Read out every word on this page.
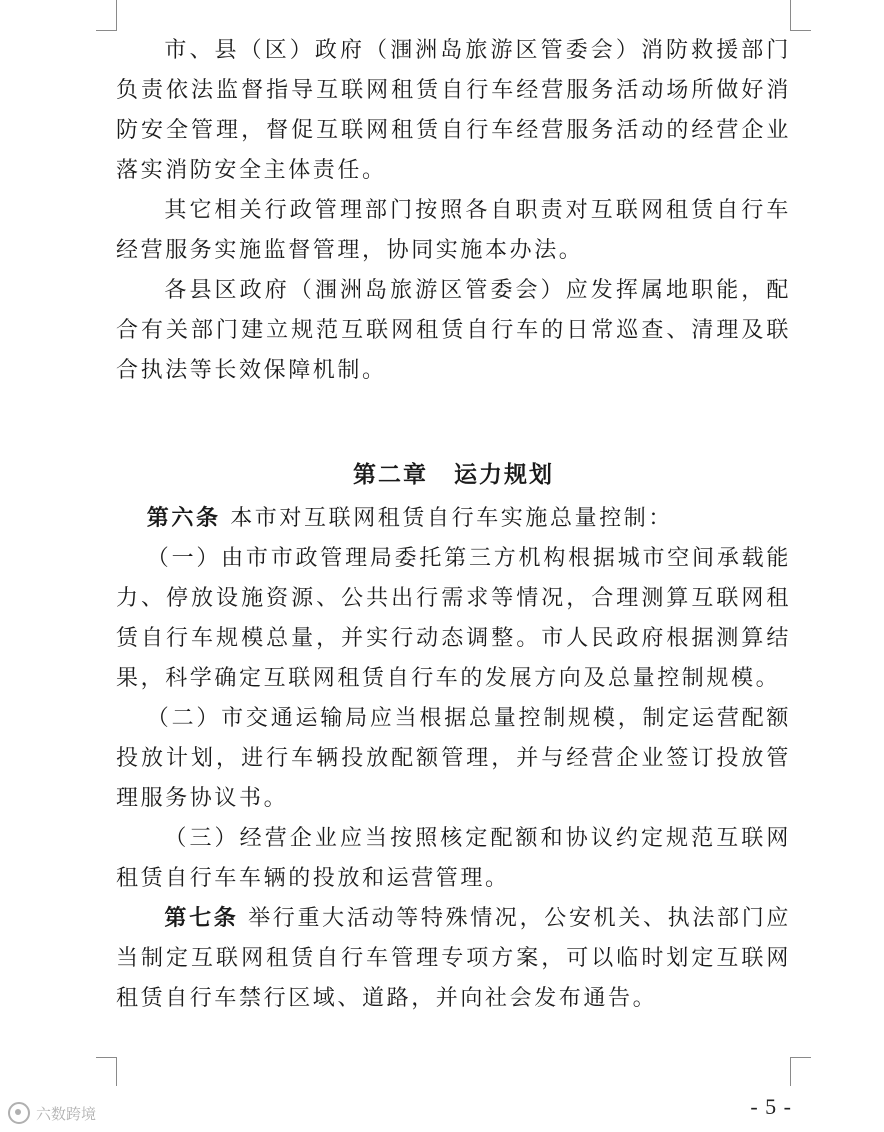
市、县（区）政府（涠洲岛旅游区管委会）消防救援部门负责依法监督指导互联网租赁自行车经营服务活动场所做好消防安全管理，督促互联网租赁自行车经营服务活动的经营企业落实消防安全主体责任。

其它相关行政管理部门按照各自职责对互联网租赁自行车经营服务实施监督管理，协同实施本办法。

各县区政府（涠洲岛旅游区管委会）应发挥属地职能，配合有关部门建立规范互联网租赁自行车的日常巡查、清理及联合执法等长效保障机制。

第二章 运力规划

第六条 本市对互联网租赁自行车实施总量控制：

（一）由市市政管理局委托第三方机构根据城市空间承载能力、停放设施资源、公共出行需求等情况，合理测算互联网租赁自行车规模总量，并实行动态调整。市人民政府根据测算结果，科学确定互联网租赁自行车的发展方向及总量控制规模。

（二）市交通运输局应当根据总量控制规模，制定运营配额投放计划，进行车辆投放配额管理，并与经营企业签订投放管理服务协议书。

（三）经营企业应当按照核定配额和协议约定规范互联网租赁自行车车辆的投放和运营管理。

第七条 举行重大活动等特殊情况，公安机关、执法部门应当制定互联网租赁自行车管理专项方案，可以临时划定互联网租赁自行车禁行区域、道路，并向社会发布通告。

六数跨境	- 5 -
